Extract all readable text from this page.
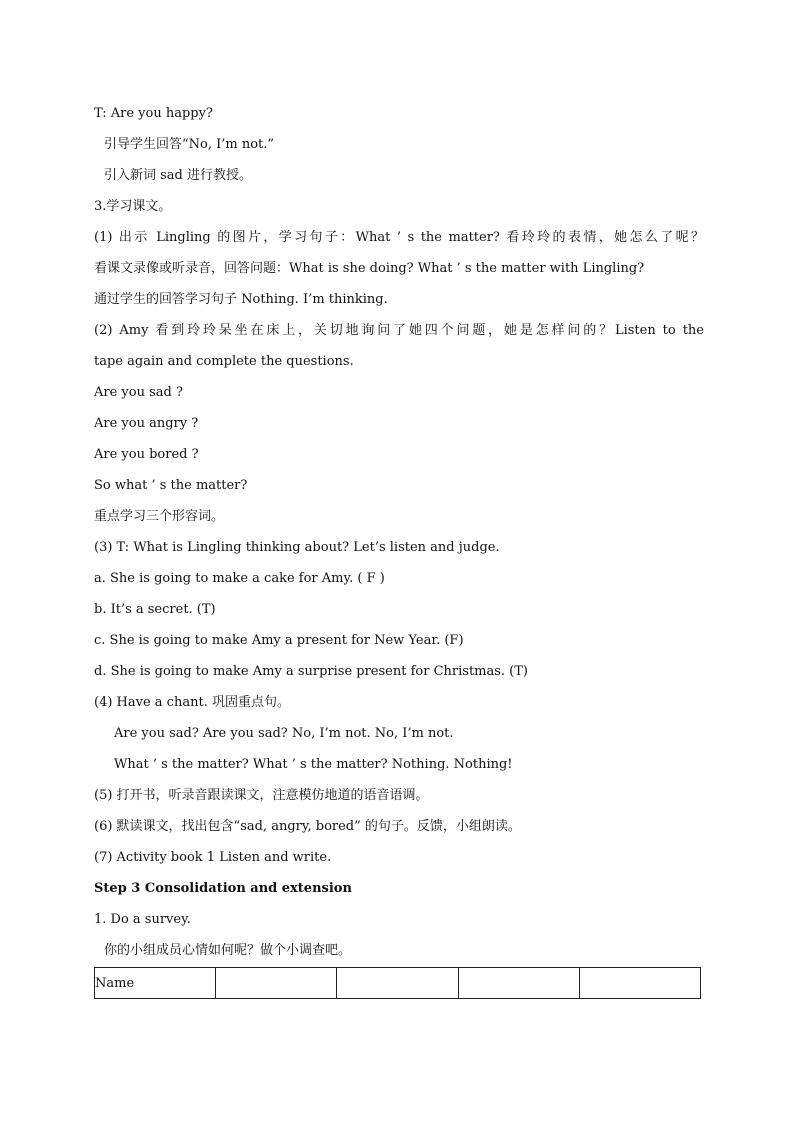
T: Are you happy?
引导学生回答“No, I’m not.”
引入新词 sad 进行教授。
3.学习课文。
(1) 出示 Lingling 的图片，学习句子：What ’ s the matter? 看玲玲的表情，她怎么了呢？
看课文录像或听录音，回答问题：What is she doing? What ’ s the matter with Lingling?
通过学生的回答学习句子 Nothing. I’m thinking.
(2) Amy 看到玲玲呆坐在床上，关切地询问了她四个问题，她是怎样问的？Listen to the
tape again and complete the questions.
Are you sad ?
Are you angry ?
Are you bored ?
So what ’ s the matter?
重点学习三个形容词。
(3) T: What is Lingling thinking about? Let’s listen and judge.
a. She is going to make a cake for Amy. ( F )
b. It’s a secret. (T)
c. She is going to make Amy a present for New Year. (F)
d. She is going to make Amy a surprise present for Christmas. (T)
(4) Have a chant. 巩固重点句。
Are you sad? Are you sad? No, I’m not. No, I’m not.
What ’ s the matter? What ’ s the matter? Nothing. Nothing!
(5) 打开书，听录音跟读课文，注意模仿地道的语音语调。
(6) 默读课文，找出包含“sad, angry, bored” 的句子。反馈，小组朗读。
(7) Activity book 1 Listen and write.
Step 3 Consolidation and extension
1. Do a survey.
你的小组成员心情如何呢？做个小调查吧。
Name				
